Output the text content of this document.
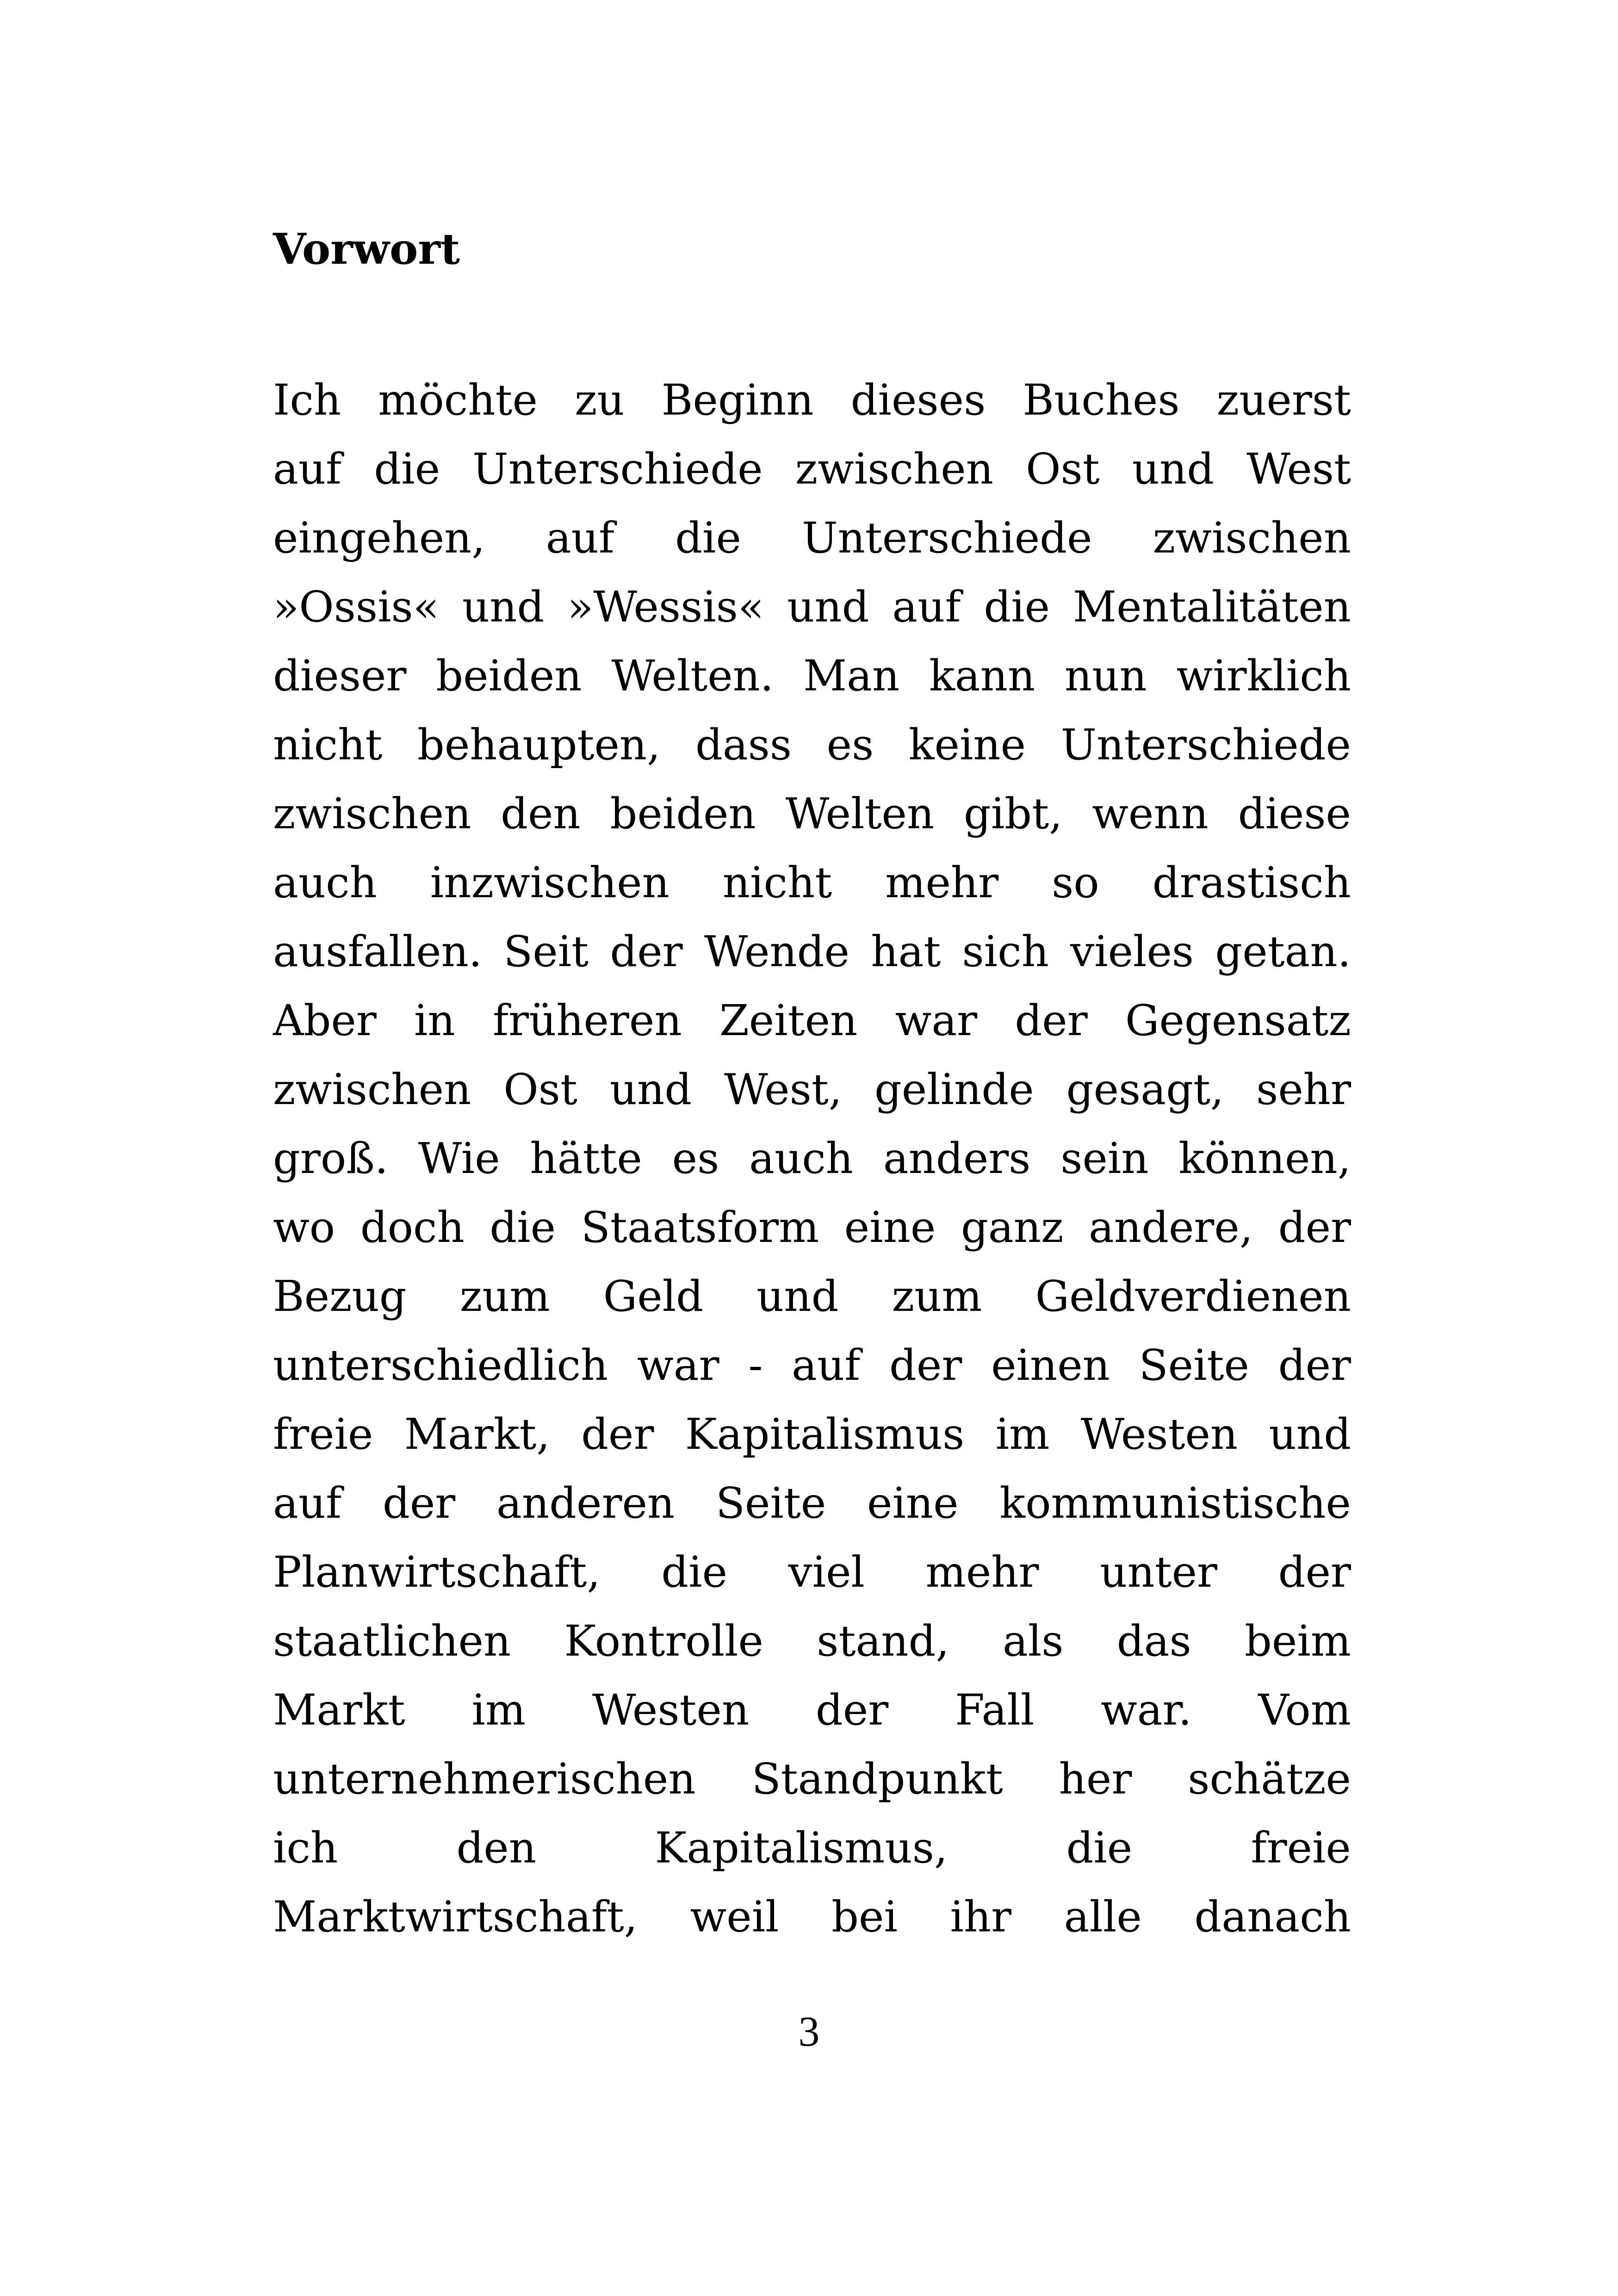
Vorwort
Ich möchte zu Beginn dieses Buches zuerst
auf die Unterschiede zwischen Ost und West
eingehen, auf die Unterschiede zwischen
»Ossis« und »Wessis« und auf die Mentalitäten
dieser beiden Welten. Man kann nun wirklich
nicht behaupten, dass es keine Unterschiede
zwischen den beiden Welten gibt, wenn diese
auch inzwischen nicht mehr so drastisch
ausfallen. Seit der Wende hat sich vieles getan.
Aber in früheren Zeiten war der Gegensatz
zwischen Ost und West, gelinde gesagt, sehr
groß. Wie hätte es auch anders sein können,
wo doch die Staatsform eine ganz andere, der
Bezug zum Geld und zum Geldverdienen
unterschiedlich war - auf der einen Seite der
freie Markt, der Kapitalismus im Westen und
auf der anderen Seite eine kommunistische
Planwirtschaft, die viel mehr unter der
staatlichen Kontrolle stand, als das beim
Markt im Westen der Fall war. Vom
unternehmerischen Standpunkt her schätze
ich den Kapitalismus, die freie
Marktwirtschaft, weil bei ihr alle danach

3
